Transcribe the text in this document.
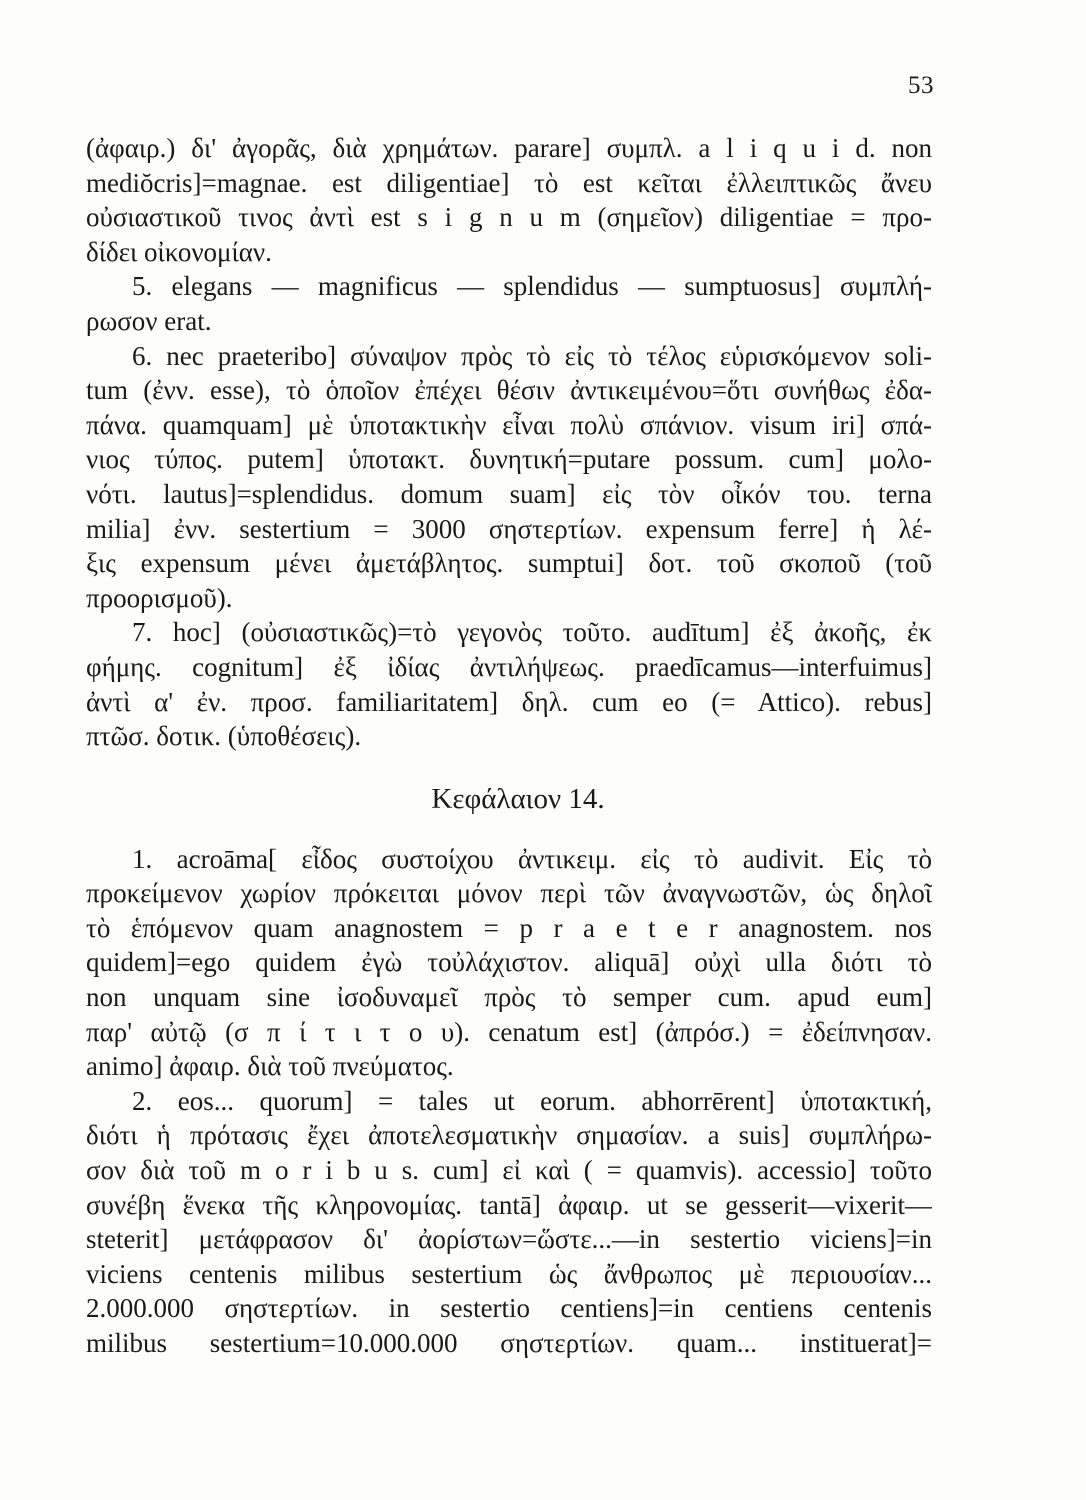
53
(ἀφαιρ.) δι' ἀγορᾶς, διὰ χρημάτων. parare] συμπλ. a l i q u i d. non
mediŏcris]=magnae. est diligentiae] τὸ est κεῖται ἐλλειπτικῶς ἄνευ
οὐσιαστικοῦ τινος ἀντὶ est s i g n u m (σημεῖον) diligentiae = προ-
δίδει οἰκονομίαν.
5. elegans — magnificus — splendidus — sumptuosus] συμπλή-
ρωσον erat.
6. nec praeteribo] σύναψον πρὸς τὸ εἰς τὸ τέλος εὑρισκόμενον soli-
tum (ἐνν. esse), τὸ ὁποῖον ἐπέχει θέσιν ἀντικειμένου=ὅτι συνήθως ἐδα-
πάνα. quamquam] μὲ ὑποτακτικὴν εἶναι πολὺ σπάνιον. visum iri] σπά-
νιος τύπος. putem] ὑποτακτ. δυνητική=putare possum. cum] μολο-
νότι. lautus]=splendidus. domum suam] εἰς τὸν οἶκόν του. terna
milia] ἐνν. sestertium = 3000 σηστερτίων. expensum ferre] ἡ λέ-
ξις expensum μένει ἀμετάβλητος. sumptui] δοτ. τοῦ σκοποῦ (τοῦ
προορισμοῦ).
7. hoc] (οὐσιαστικῶς)=τὸ γεγονὸς τοῦτο. audītum] ἐξ ἀκοῆς, ἐκ
φήμης. cognitum] ἐξ ἰδίας ἀντιλήψεως. praedīcamus—interfuimus]
ἀντὶ α' ἐν. προσ. familiaritatem] δηλ. cum eo (= Attico). rebus]
πτῶσ. δοτικ. (ὑποθέσεις).
Κεφάλαιον 14.
1. acroāma[ εἶδος συστοίχου ἀντικειμ. εἰς τὸ audivit. Εἰς τὸ
προκείμενον χωρίον πρόκειται μόνον περὶ τῶν ἀναγνωστῶν, ὡς δηλοῖ
τὸ ἑπόμενον quam anagnostem = p r a e t e r anagnostem. nos
quidem]=ego quidem ἐγὼ τοὐλάχιστον. aliquā] οὐχὶ ulla διότι τὸ
non unquam sine ἰσοδυναμεῖ πρὸς τὸ semper cum. apud eum]
παρ' αὐτῷ (σ π ί τ ι τ ο υ). cenatum est] (ἀπρόσ.) = ἐδείπνησαν.
animo] ἀφαιρ. διὰ τοῦ πνεύματος.
2. eos... quorum] = tales ut eorum. abhorrērent] ὑποτακτική,
διότι ἡ πρότασις ἔχει ἀποτελεσματικὴν σημασίαν. a suis] συμπλήρω-
σον διὰ τοῦ m o r i b u s. cum] εἰ καὶ ( = quamvis). accessio] τοῦτο
συνέβη ἕνεκα τῆς κληρονομίας. tantā] ἀφαιρ. ut se gesserit—vixerit—
steterit] μετάφρασον δι' ἀορίστων=ὥστε...—in sestertio viciens]=in
viciens centenis milibus sestertium ὡς ἄνθρωπος μὲ περιουσίαν...
2.000.000 σηστερτίων. in sestertio centiens]=in centiens centenis
milibus sestertium=10.000.000 σηστερτίων. quam... instituerat]=
